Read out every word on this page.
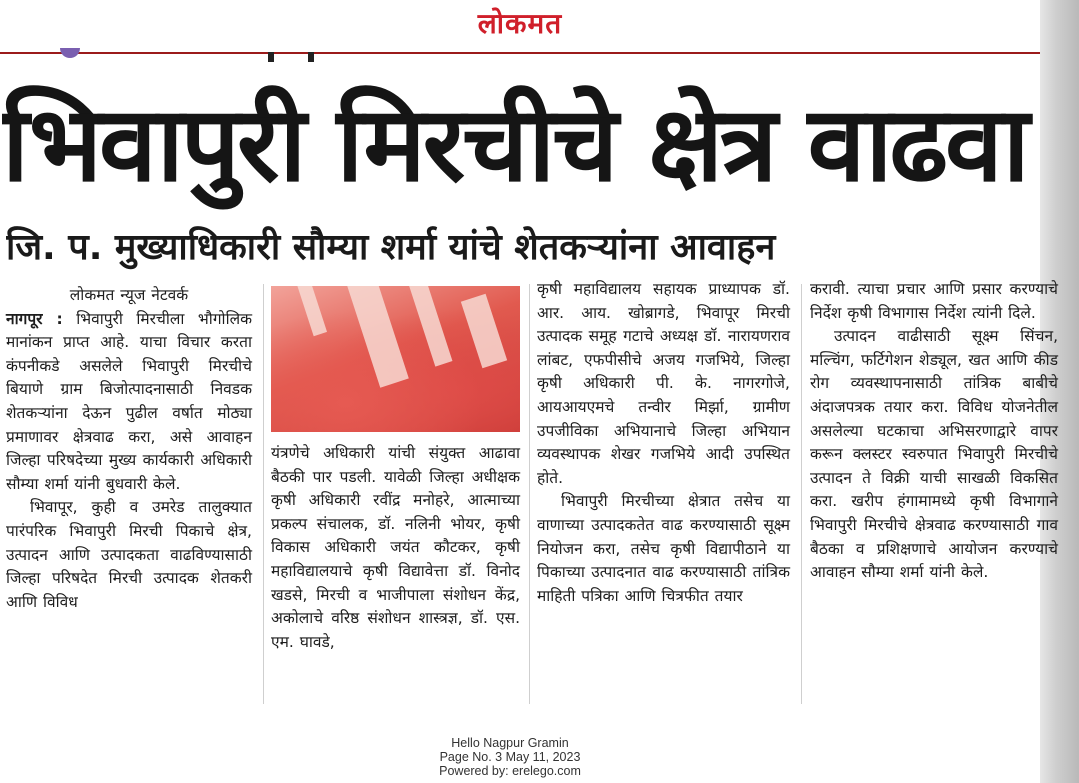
लोकमत
भिवापुरी मिरचीचे क्षेत्र वाढवा
जि. प. मुख्याधिकारी सौम्या शर्मा यांचे शेतकऱ्यांना आवाहन
लोकमत न्यूज नेटवर्क

नागपूर : भिवापुरी मिरचीला भौगोलिक मानांकन प्राप्त आहे. याचा विचार करता कंपनीकडे असलेले भिवापुरी मिरचीचे बियाणे ग्राम बिजोत्पादनासाठी निवडक शेतकऱ्यांना देऊन पुढील वर्षात मोठ्या प्रमाणावर क्षेत्रवाढ करा, असे आवाहन जिल्हा परिषदेच्या मुख्य कार्यकारी अधिकारी सौम्या शर्मा यांनी बुधवारी केले.

भिवापूर, कुही व उमरेड तालुक्यात पारंपरिक भिवापुरी मिरची पिकाचे क्षेत्र, उत्पादन आणि उत्पादकता वाढविण्यासाठी जिल्हा परिषदेत मिरची उत्पादक शेतकरी आणि विविध

यंत्रणेचे अधिकारी यांची संयुक्त आढावा बैठकी पार पडली. यावेळी जिल्हा अधीक्षक कृषी अधिकारी रवींद्र मनोहरे, आत्माच्या प्रकल्प संचालक, डॉ. नलिनी भोयर, कृषी विकास अधिकारी जयंत कौटकर, कृषी महाविद्यालयाचे कृषी विद्यावेत्ता डॉ. विनोद खडसे, मिरची व भाजीपाला संशोधन केंद्र, अकोलाचे वरिष्ठ संशोधन शास्त्रज्ञ, डॉ. एस. एम. घावडे,

कृषी महाविद्यालय सहायक प्राध्यापक डॉ. आर. आय. खोब्रागडे, भिवापूर मिरची उत्पादक समूह गटाचे अध्यक्ष डॉ. नारायणराव लांबट, एफपीसीचे अजय गजभिये, जिल्हा कृषी अधिकारी पी. के. नागरगोजे, आयआयएमचे तन्वीर मिर्झा, ग्रामीण उपजीविका अभियानाचे जिल्हा अभियान व्यवस्थापक शेखर गजभिये आदी उपस्थित होते.

भिवापुरी मिरचीच्या क्षेत्रात तसेच या वाणाच्या उत्पादकतेत वाढ करण्यासाठी सूक्ष्म नियोजन करा, तसेच कृषी विद्यापीठाने या पिकाच्या उत्पादनात वाढ करण्यासाठी तांत्रिक माहिती पत्रिका आणि चित्रफीत तयार

करावी. त्याचा प्रचार आणि प्रसार करण्याचे निर्देश कृषी विभागास निर्देश त्यांनी दिले.

उत्पादन वाढीसाठी सूक्ष्म सिंचन, मल्चिंग, फर्टिगेशन शेड्यूल, खत आणि कीड रोग व्यवस्थापनासाठी तांत्रिक बाबीचे अंदाजपत्रक तयार करा. विविध योजनेतील असलेल्या घटकाचा अभिसरणाद्वारे वापर करून क्लस्टर स्वरुपात भिवापुरी मिरचीचे उत्पादन ते विक्री याची साखळी विकसित करा. खरीप हंगामामध्ये कृषी विभागाने भिवापुरी मिरचीचे क्षेत्रवाढ करण्यासाठी गाव बैठका व प्रशिक्षणाचे आयोजन करण्याचे आवाहन सौम्या शर्मा यांनी केले.

Hello Nagpur Gramin
Page No. 3 May 11, 2023
Powered by: erelego.com
